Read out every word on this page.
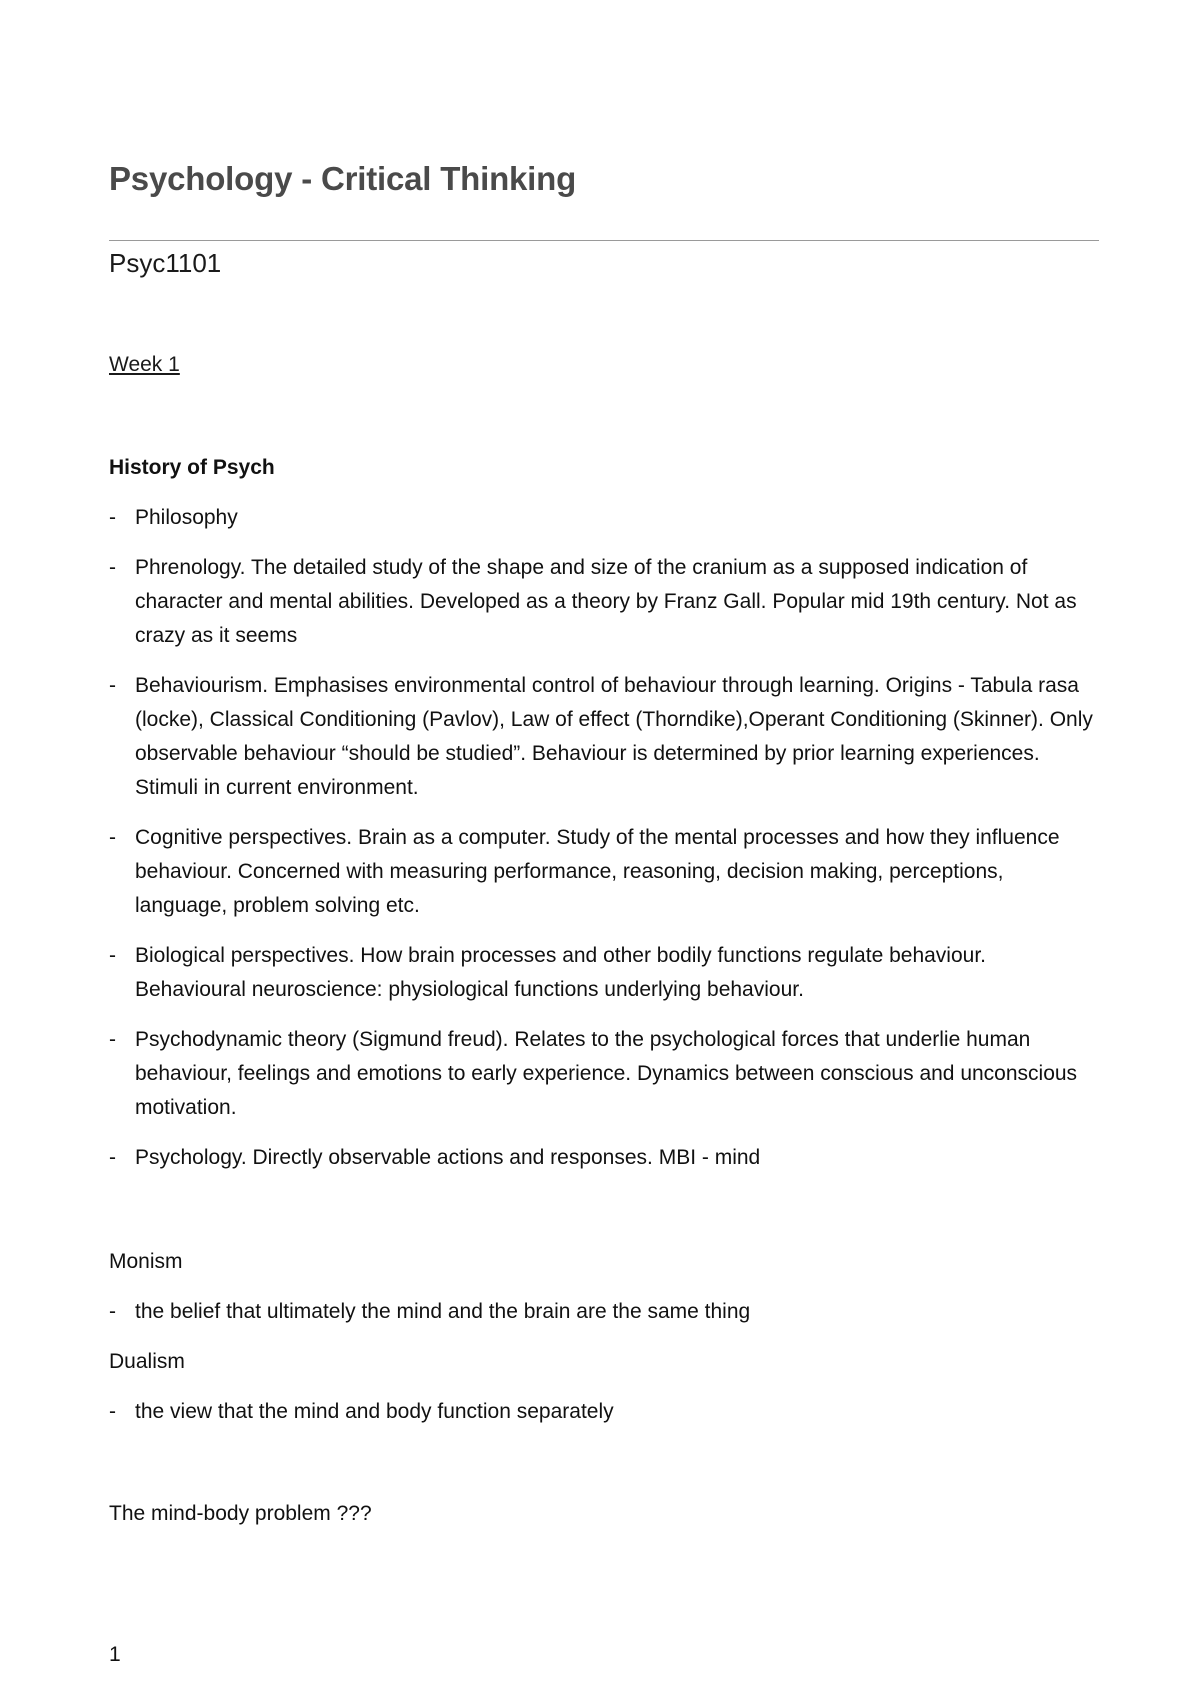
Psychology - Critical Thinking
Psyc1101
Week 1
History of Psych
- Philosophy
- Phrenology. The detailed study of the shape and size of the cranium as a supposed indication of character and mental abilities. Developed as a theory by Franz Gall. Popular mid 19th century. Not as crazy as it seems
- Behaviourism. Emphasises environmental control of behaviour through learning. Origins - Tabula rasa (locke), Classical Conditioning (Pavlov), Law of effect (Thorndike),Operant Conditioning (Skinner). Only observable behaviour “should be studied”. Behaviour is determined by prior learning experiences. Stimuli in current environment.
- Cognitive perspectives. Brain as a computer. Study of the mental processes and how they influence behaviour. Concerned with measuring performance, reasoning, decision making, perceptions, language, problem solving etc.
- Biological perspectives. How brain processes and other bodily functions regulate behaviour. Behavioural neuroscience: physiological functions underlying behaviour.
- Psychodynamic theory (Sigmund freud). Relates to the psychological forces that underlie human behaviour, feelings and emotions to early experience. Dynamics between conscious and unconscious motivation.
- Psychology. Directly observable actions and responses. MBI - mind
Monism
- the belief that ultimately the mind and the brain are the same thing
Dualism
- the view that the mind and body function separately
The mind-body problem ???
1
